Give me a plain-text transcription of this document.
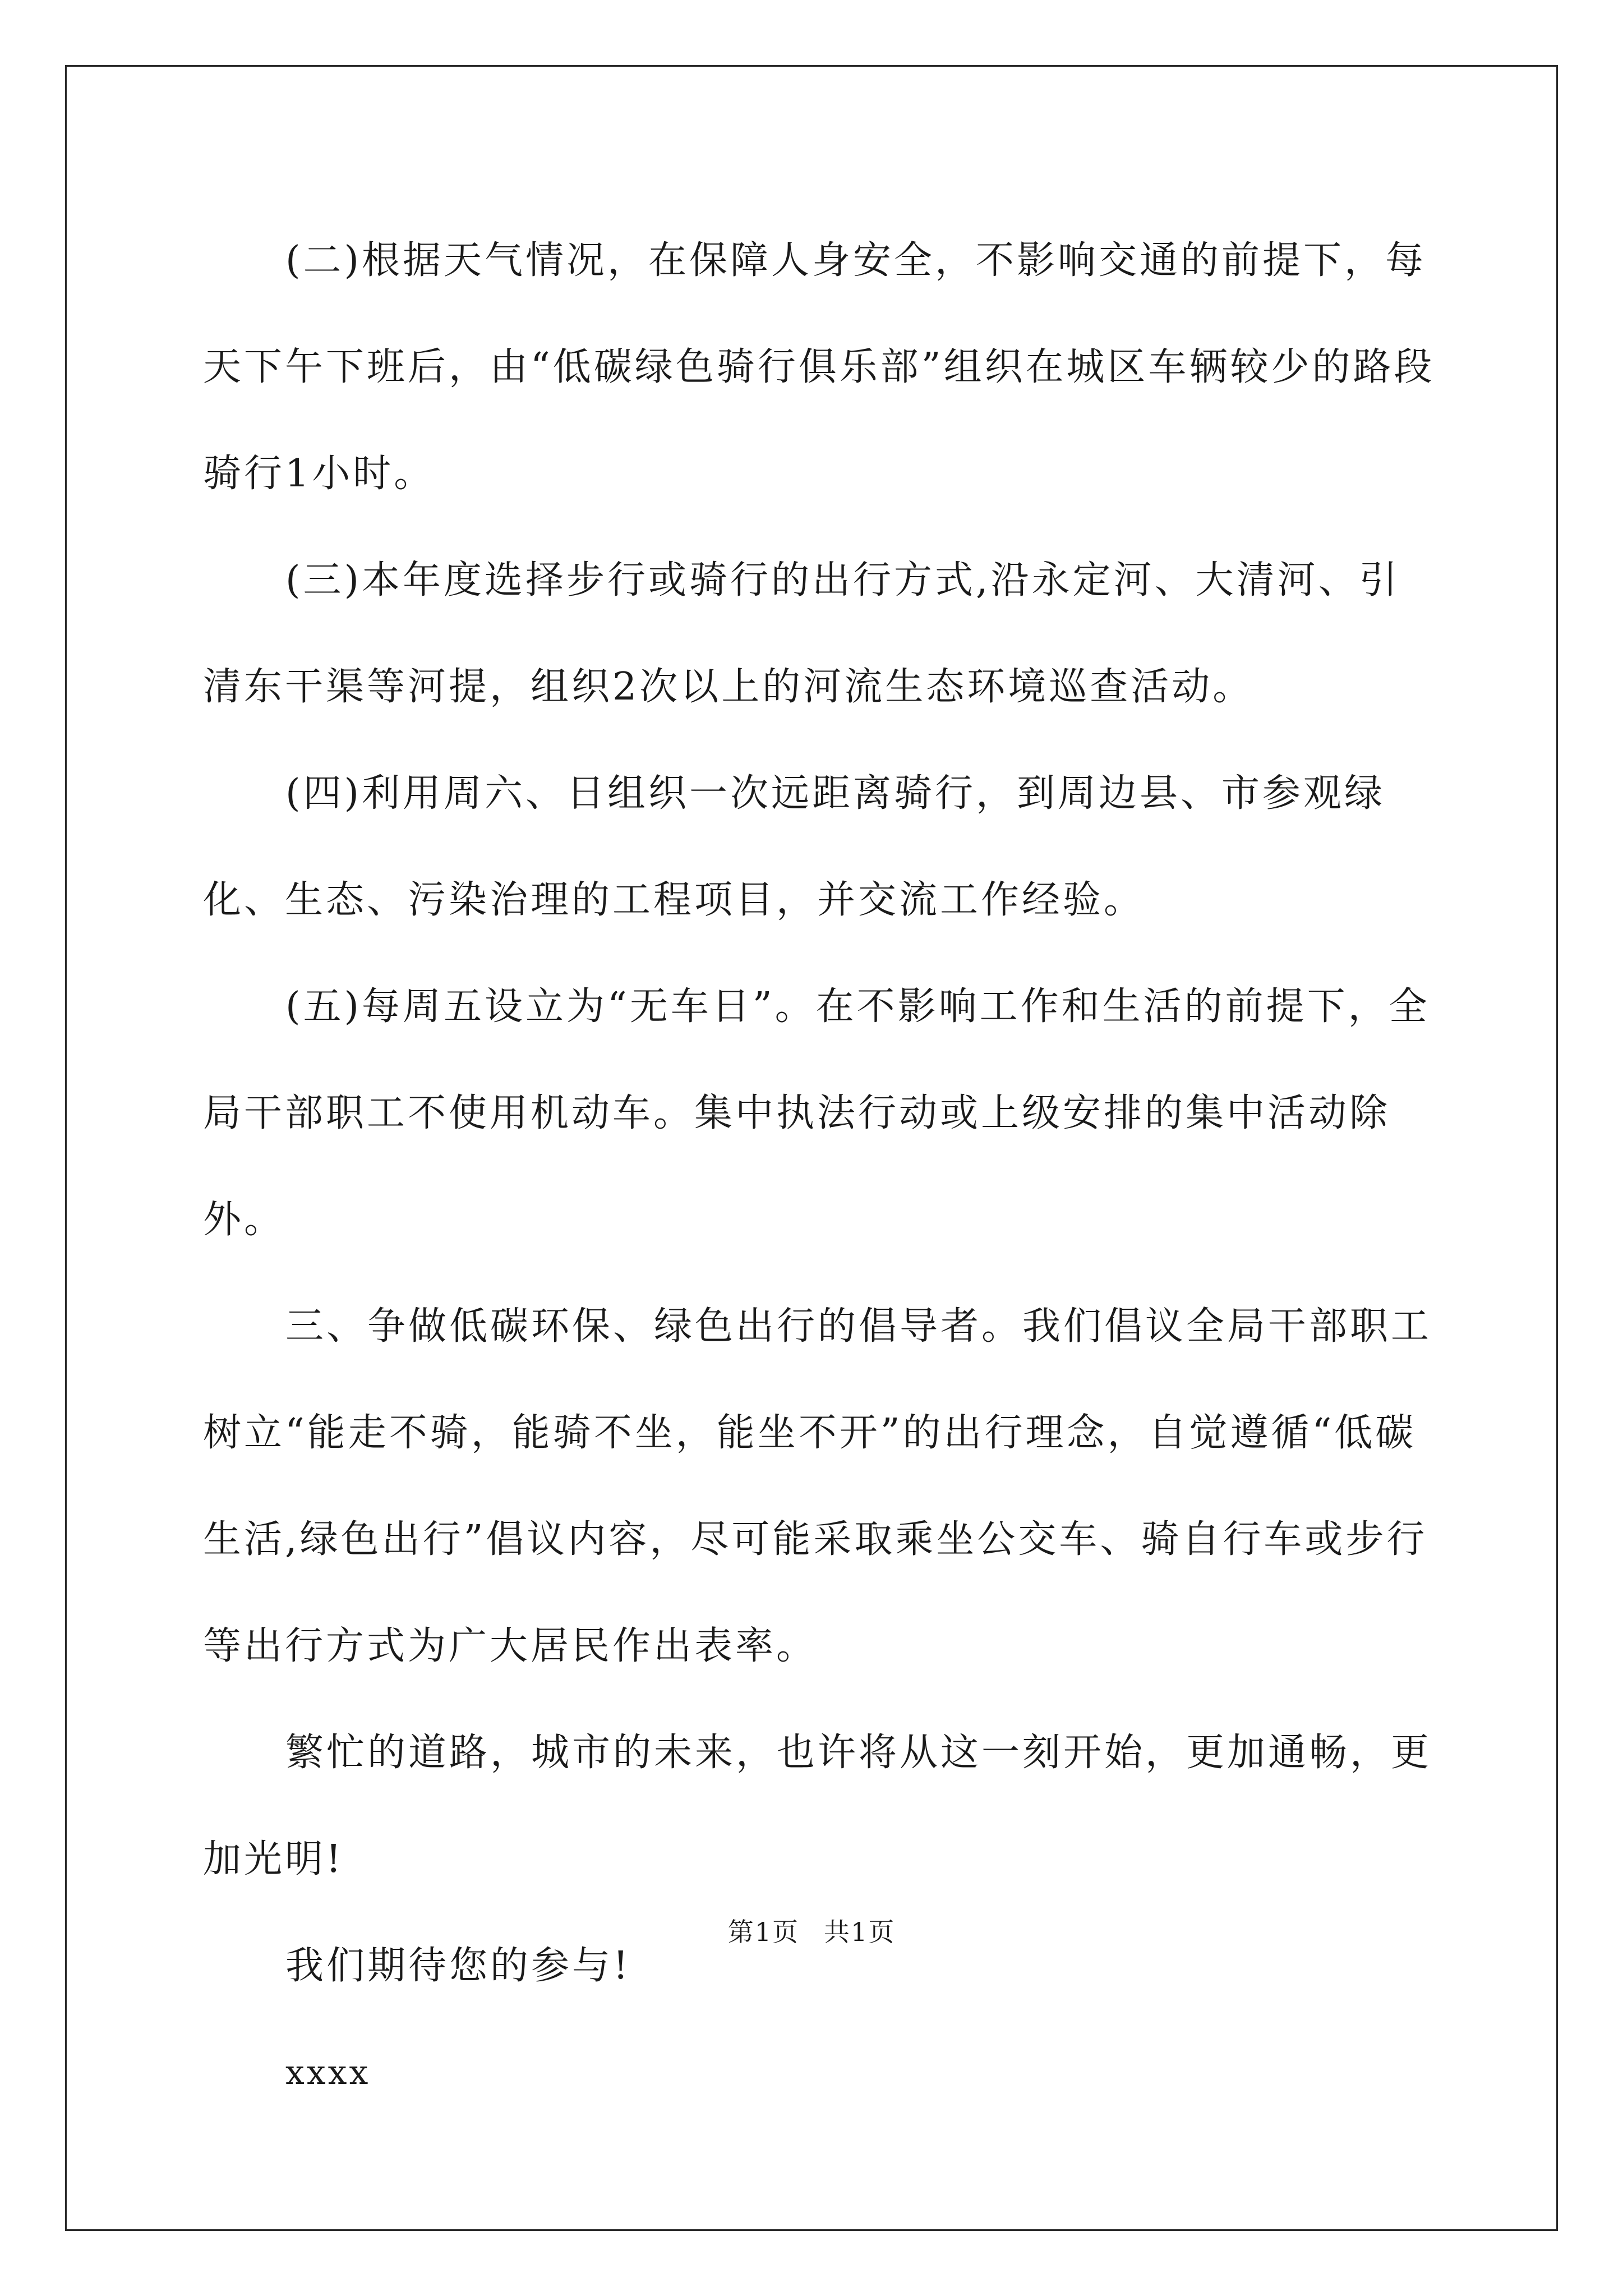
(二)根据天气情况，在保障人身安全，不影响交通的前提下，每天下午下班后，由“低碳绿色骑行俱乐部”组织在城区车辆较少的路段骑行1小时。

(三)本年度选择步行或骑行的出行方式,沿永定河、大清河、引清东干渠等河提，组织2次以上的河流生态环境巡查活动。

(四)利用周六、日组织一次远距离骑行，到周边县、市参观绿化、生态、污染治理的工程项目，并交流工作经验。

(五)每周五设立为“无车日”。在不影响工作和生活的前提下，全局干部职工不使用机动车。集中执法行动或上级安排的集中活动除外。

三、争做低碳环保、绿色出行的倡导者。我们倡议全局干部职工树立“能走不骑，能骑不坐，能坐不开”的出行理念，自觉遵循“低碳生活,绿色出行”倡议内容，尽可能采取乘坐公交车、骑自行车或步行等出行方式为广大居民作出表率。

繁忙的道路，城市的未来，也许将从这一刻开始，更加通畅，更加光明!

我们期待您的参与!

xxxx

第1页 共1页
